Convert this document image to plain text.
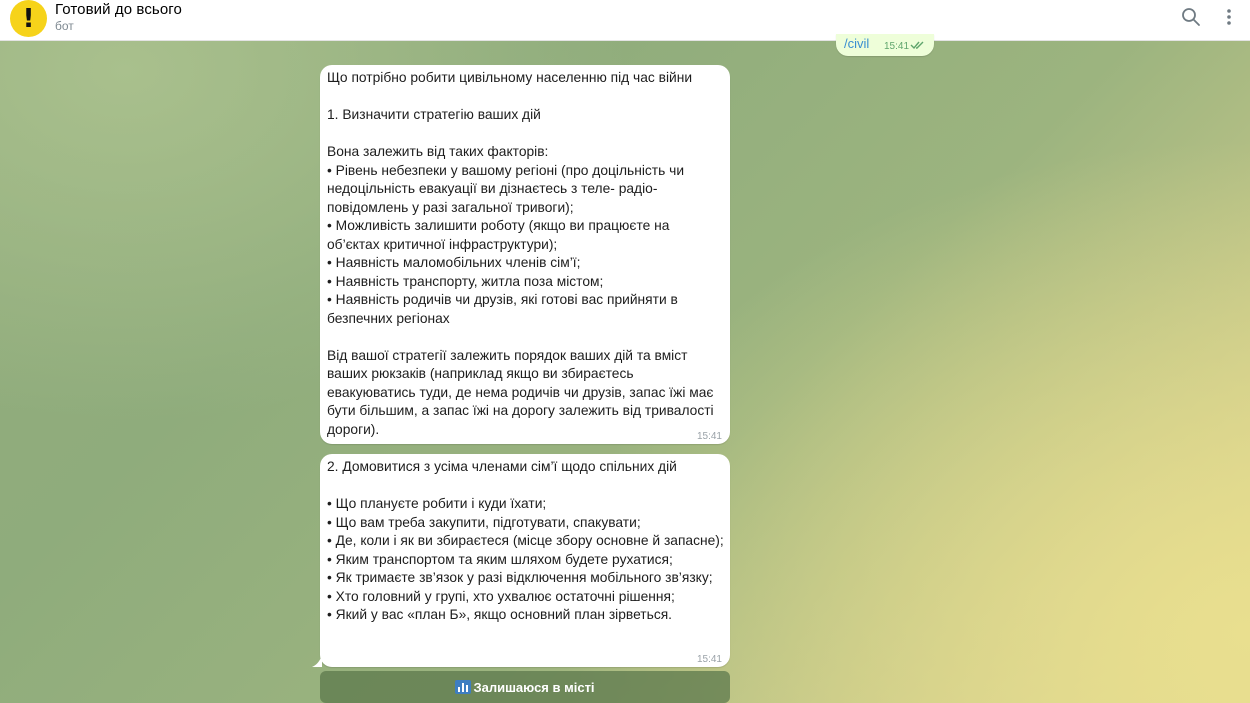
!	Готовий до всього
бот
/civil 15:41
Що потрібно робити цивільному населенню під час війни

1. Визначити стратегію ваших дій

Вона залежить від таких факторів:
• Рівень небезпеки у вашому регіоні (про доцільність чи недоцільність евакуації ви дізнаєтесь з теле- радіо-повідомлень у разі загальної тривоги);
• Можливість залишити роботу (якщо ви працюєте на об’єктах критичної інфраструктури);
• Наявність маломобільних членів сім’ї;
• Наявність транспорту, житла поза містом;
• Наявність родичів чи друзів, які готові вас прийняти в безпечних регіонах

Від вашої стратегії залежить порядок ваших дій та вміст ваших рюкзаків (наприклад якщо ви збираєтесь евакуюватись туди, де нема родичів чи друзів, запас їжі має бути більшим, а запас їжі на дорогу залежить від тривалості дороги).	15:41
2. Домовитися з усіма членами сім’ї щодо спільних дій

• Що плануєте робити і куди їхати;
• Що вам треба закупити, підготувати, спакувати;
• Де, коли і як ви збираєтеся (місце збору основне й запасне);
• Яким транспортом та яким шляхом будете рухатися;
• Як тримаєте зв’язок у разі відключення мобільного зв’язку;
• Хто головний у групі, хто ухвалює остаточні рішення;
• Який у вас «план Б», якщо основний план зірветься.
15:41
Залишаюся в місті
